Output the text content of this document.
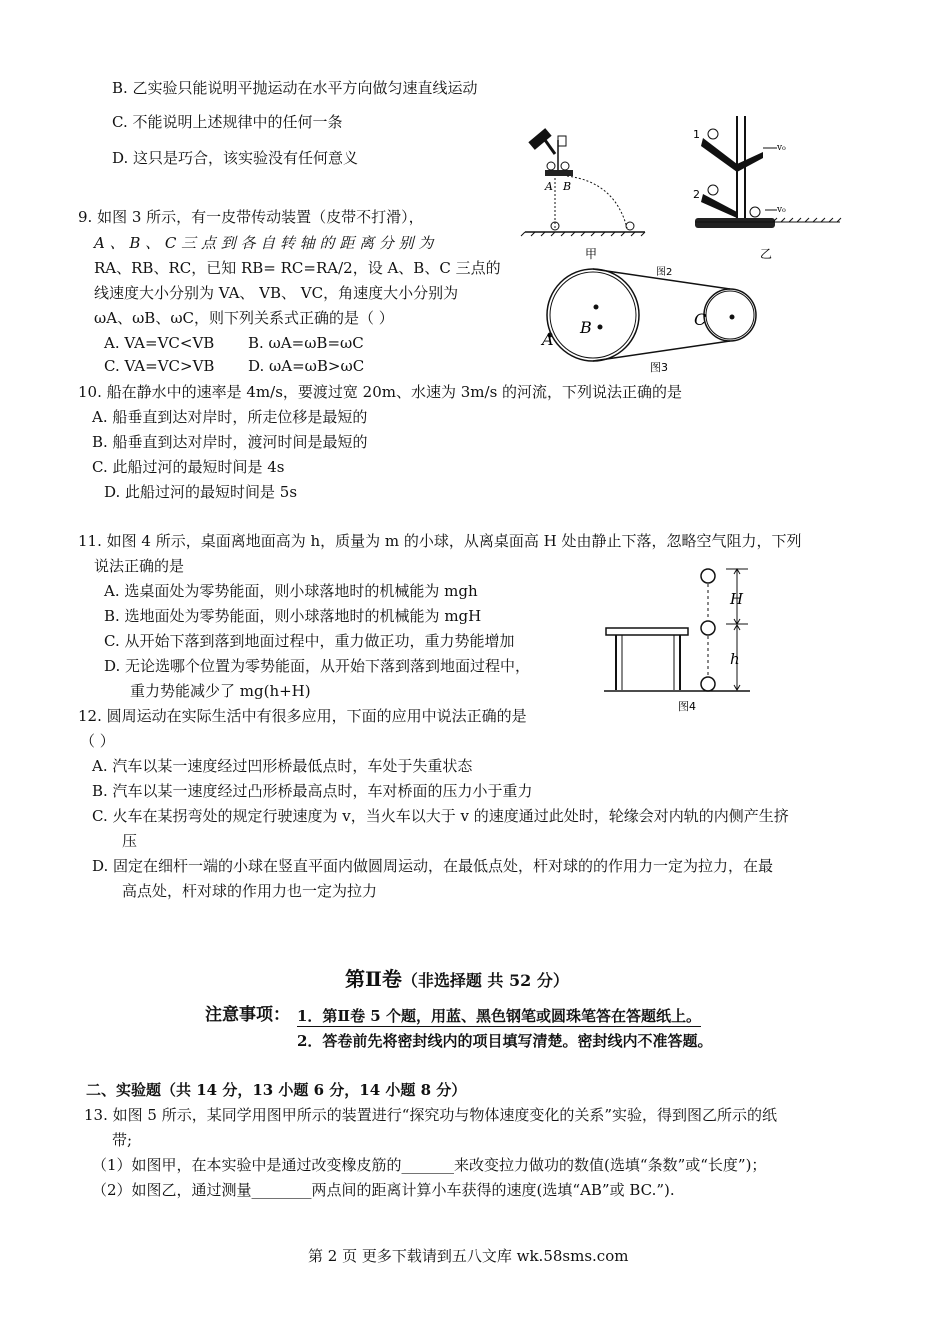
B. 乙实验只能说明平抛运动在水平方向做匀速直线运动
C. 不能说明上述规律中的任何一条
D. 这只是巧合，该实验没有任何意义
A B
甲
1
v₀
2
v₀
乙
9. 如图 3 所示，有一皮带传动装置（皮带不打滑），
A 、 B 、 C 三 点 到 各 自 转 轴 的 距 离 分 别 为
RA、RB、RC，已知 RB= RC=RA/2，设 A、B、C 三点的
线速度大小分别为 VA、 VB、 VC，角速度大小分别为
ωA、ωB、ωC，则下列关系式正确的是（ ）
A. VA=VC<VB B. ωA=ωB=ωC
C. VA=VC>VB D. ωA=ωB>ωC
图2
A
B	C
图3
10. 船在静水中的速率是 4m/s，要渡过宽 20m、水速为 3m/s 的河流，下列说法正确的是
A. 船垂直到达对岸时，所走位移是最短的
B. 船垂直到达对岸时，渡河时间是最短的
C. 此船过河的最短时间是 4s
D. 此船过河的最短时间是 5s
11. 如图 4 所示，桌面离地面高为 h，质量为 m 的小球，从离桌面高 H 处由静止下落，忽略空气阻力，下列
说法正确的是
A. 选桌面处为零势能面，则小球落地时的机械能为 mgh
B. 选地面处为零势能面，则小球落地时的机械能为 mgH
C. 从开始下落到落到地面过程中，重力做正功，重力势能增加
D. 无论选哪个位置为零势能面，从开始下落到落到地面过程中，
重力势能减少了 mg(h+H)
H
h
图4
12. 圆周运动在实际生活中有很多应用，下面的应用中说法正确的是
（ ）
A. 汽车以某一速度经过凹形桥最低点时，车处于失重状态
B. 汽车以某一速度经过凸形桥最高点时，车对桥面的压力小于重力
C. 火车在某拐弯处的规定行驶速度为 v，当火车以大于 v 的速度通过此处时，轮缘会对内轨的内侧产生挤
压
D. 固定在细杆一端的小球在竖直平面内做圆周运动，在最低点处，杆对球的的作用力一定为拉力，在最
高点处，杆对球的作用力也一定为拉力
第Ⅱ卷（非选择题 共 52 分）
注意事项： 1．第Ⅱ卷 5 个题，用蓝、黑色钢笔或圆珠笔答在答题纸上。
2．答卷前先将密封线内的项目填写清楚。密封线内不准答题。
二、实验题（共 14 分，13 小题 6 分，14 小题 8 分）
13. 如图 5 所示，某同学用图甲所示的装置进行“探究功与物体速度变化的关系”实验，得到图乙所示的纸
带;
（1）如图甲，在本实验中是通过改变橡皮筋的_______来改变拉力做功的数值(选填“条数”或“长度”)；
（2）如图乙，通过测量________两点间的距离计算小车获得的速度(选填“AB”或 BC.”).
第 2 页 更多下载请到五八文库 wk.58sms.com
